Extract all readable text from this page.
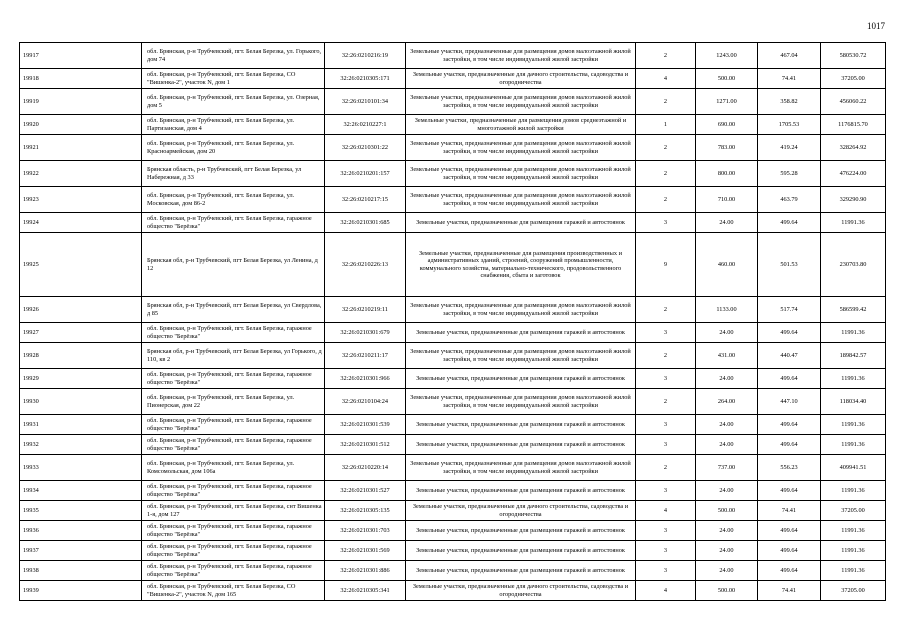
1017
19917	обл. Брянская, р-н Трубчевский, пгт. Белая Березка, ул. Горького, дом 74	32:26:0210216:19	Земельные участки, предназначенные для размещения домов малоэтажной жилой застройки, в том числе индивидуальной жилой застройки	2	1243.00	467.04	580530.72
19918	обл. Брянская, р-н Трубчевский, пгт. Белая Березка, СО "Вишенка-2", участок N, дом 1	32:26:0210305:171	Земельные участки, предназначенные для дачного строительства, садоводства и огородничества	4	500.00	74.41	37205.00
19919	обл. Брянская, р-н Трубчевский, пгт. Белая Березка, ул. Озерная, дом 5	32:26:0210101:34	Земельные участки, предназначенные для размещения домов малоэтажной жилой застройки, в том числе индивидуальной жилой застройки	2	1271.00	358.82	456060.22
19920	обл. Брянская, р-н Трубчевский, пгт. Белая Березка, ул. Партизанская, дом 4	32:26:0210227:1	Земельные участки, предназначенные для размещения домов среднеэтажной и многоэтажной жилой застройки	1	690.00	1705.53	1176815.70
19921	обл. Брянская, р-н Трубчевский, пгт. Белая Березка, ул. Красноармейская, дом 20	32:26:0210301:22	Земельные участки, предназначенные для размещения домов малоэтажной жилой застройки, в том числе индивидуальной жилой застройки	2	783.00	419.24	328264.92
19922	Брянская область, р-н Трубчевский, пгт Белая Березка, ул Набережная, д 33	32:26:0210201:157	Земельные участки, предназначенные для размещения домов малоэтажной жилой застройки, в том числе индивидуальной жилой застройки	2	800.00	595.28	476224.00
19923	обл. Брянская, р-н Трубчевский, пгт. Белая Березка, ул. Московская, дом 86-2	32:26:0210217:15	Земельные участки, предназначенные для размещения домов малоэтажной жилой застройки, в том числе индивидуальной жилой застройки	2	710.00	463.79	329290.90
19924	обл. Брянская, р-н Трубчевский, пгт. Белая Березка, гаражное общество "Берёзка"	32:26:0210301:685	Земельные участки, предназначенные для размещения гаражей и автостоянок	3	24.00	499.64	11991.36
19925	Брянская обл, р-н Трубчевский, пгт Белая Березка, ул Ленина, д 12	32:26:0210226:13	Земельные участки, предназначенные для размещения производственных и административных зданий, строений, сооружений промышленности, коммунального хозяйства, материально-технического, продовольственного снабжения, сбыта и заготовок	9	460.00	501.53	230703.80
19926	Брянская обл, р-н Трубчевский, пгт Белая Березка, ул Свердлова, д 85	32:26:0210219:11	Земельные участки, предназначенные для размещения домов малоэтажной жилой застройки, в том числе индивидуальной жилой застройки	2	1133.00	517.74	586599.42
19927	обл. Брянская, р-н Трубчевский, пгт. Белая Березка, гаражное общество "Берёзка"	32:26:0210301:679	Земельные участки, предназначенные для размещения гаражей и автостоянок	3	24.00	499.64	11991.36
19928	Брянская обл, р-н Трубчевский, пгт Белая Березка, ул Горького, д 110, кв 2	32:26:0210211:17	Земельные участки, предназначенные для размещения домов малоэтажной жилой застройки, в том числе индивидуальной жилой застройки	2	431.00	440.47	189842.57
19929	обл. Брянская, р-н Трубчевский, пгт. Белая Березка, гаражное общество "Берёзка"	32:26:0210301:966	Земельные участки, предназначенные для размещения гаражей и автостоянок	3	24.00	499.64	11991.36
19930	обл. Брянская, р-н Трубчевский, пгт. Белая Березка, ул. Пионерская, дом 22	32:26:0210104:24	Земельные участки, предназначенные для размещения домов малоэтажной жилой застройки, в том числе индивидуальной жилой застройки	2	264.00	447.10	118034.40
19931	обл. Брянская, р-н Трубчевский, пгт. Белая Березка, гаражное общество "Берёзка"	32:26:0210301:539	Земельные участки, предназначенные для размещения гаражей и автостоянок	3	24.00	499.64	11991.36
19932	обл. Брянская, р-н Трубчевский, пгт. Белая Березка, гаражное общество "Берёзка"	32:26:0210301:512	Земельные участки, предназначенные для размещения гаражей и автостоянок	3	24.00	499.64	11991.36
19933	обл. Брянская, р-н Трубчевский, пгт. Белая Березка, ул. Комсомольская, дом 106а	32:26:0210220:14	Земельные участки, предназначенные для размещения домов малоэтажной жилой застройки, в том числе индивидуальной жилой застройки	2	737.00	556.23	409941.51
19934	обл. Брянская, р-н Трубчевский, пгт. Белая Березка, гаражное общество "Берёзка"	32:26:0210301:527	Земельные участки, предназначенные для размещения гаражей и автостоянок	3	24.00	499.64	11991.36
19935	обл. Брянская, р-н Трубчевский, пгт. Белая Березка, снт Вишенка 1-я, дом 127	32:26:0210305:135	Земельные участки, предназначенные для дачного строительства, садоводства и огородничества	4	500.00	74.41	37205.00
19936	обл. Брянская, р-н Трубчевский, пгт. Белая Березка, гаражное общество "Берёзка"	32:26:0210301:703	Земельные участки, предназначенные для размещения гаражей и автостоянок	3	24.00	499.64	11991.36
19937	обл. Брянская, р-н Трубчевский, пгт. Белая Березка, гаражное общество "Берёзка"	32:26:0210301:569	Земельные участки, предназначенные для размещения гаражей и автостоянок	3	24.00	499.64	11991.36
19938	обл. Брянская, р-н Трубчевский, пгт. Белая Березка, гаражное общество "Берёзка"	32:26:0210301:886	Земельные участки, предназначенные для размещения гаражей и автостоянок	3	24.00	499.64	11991.36
19939	обл. Брянская, р-н Трубчевский, пгт. Белая Березка, СО "Вишенка-2", участок N, дом 165	32:26:0210305:341	Земельные участки, предназначенные для дачного строительства, садоводства и огородничества	4	500.00	74.41	37205.00
